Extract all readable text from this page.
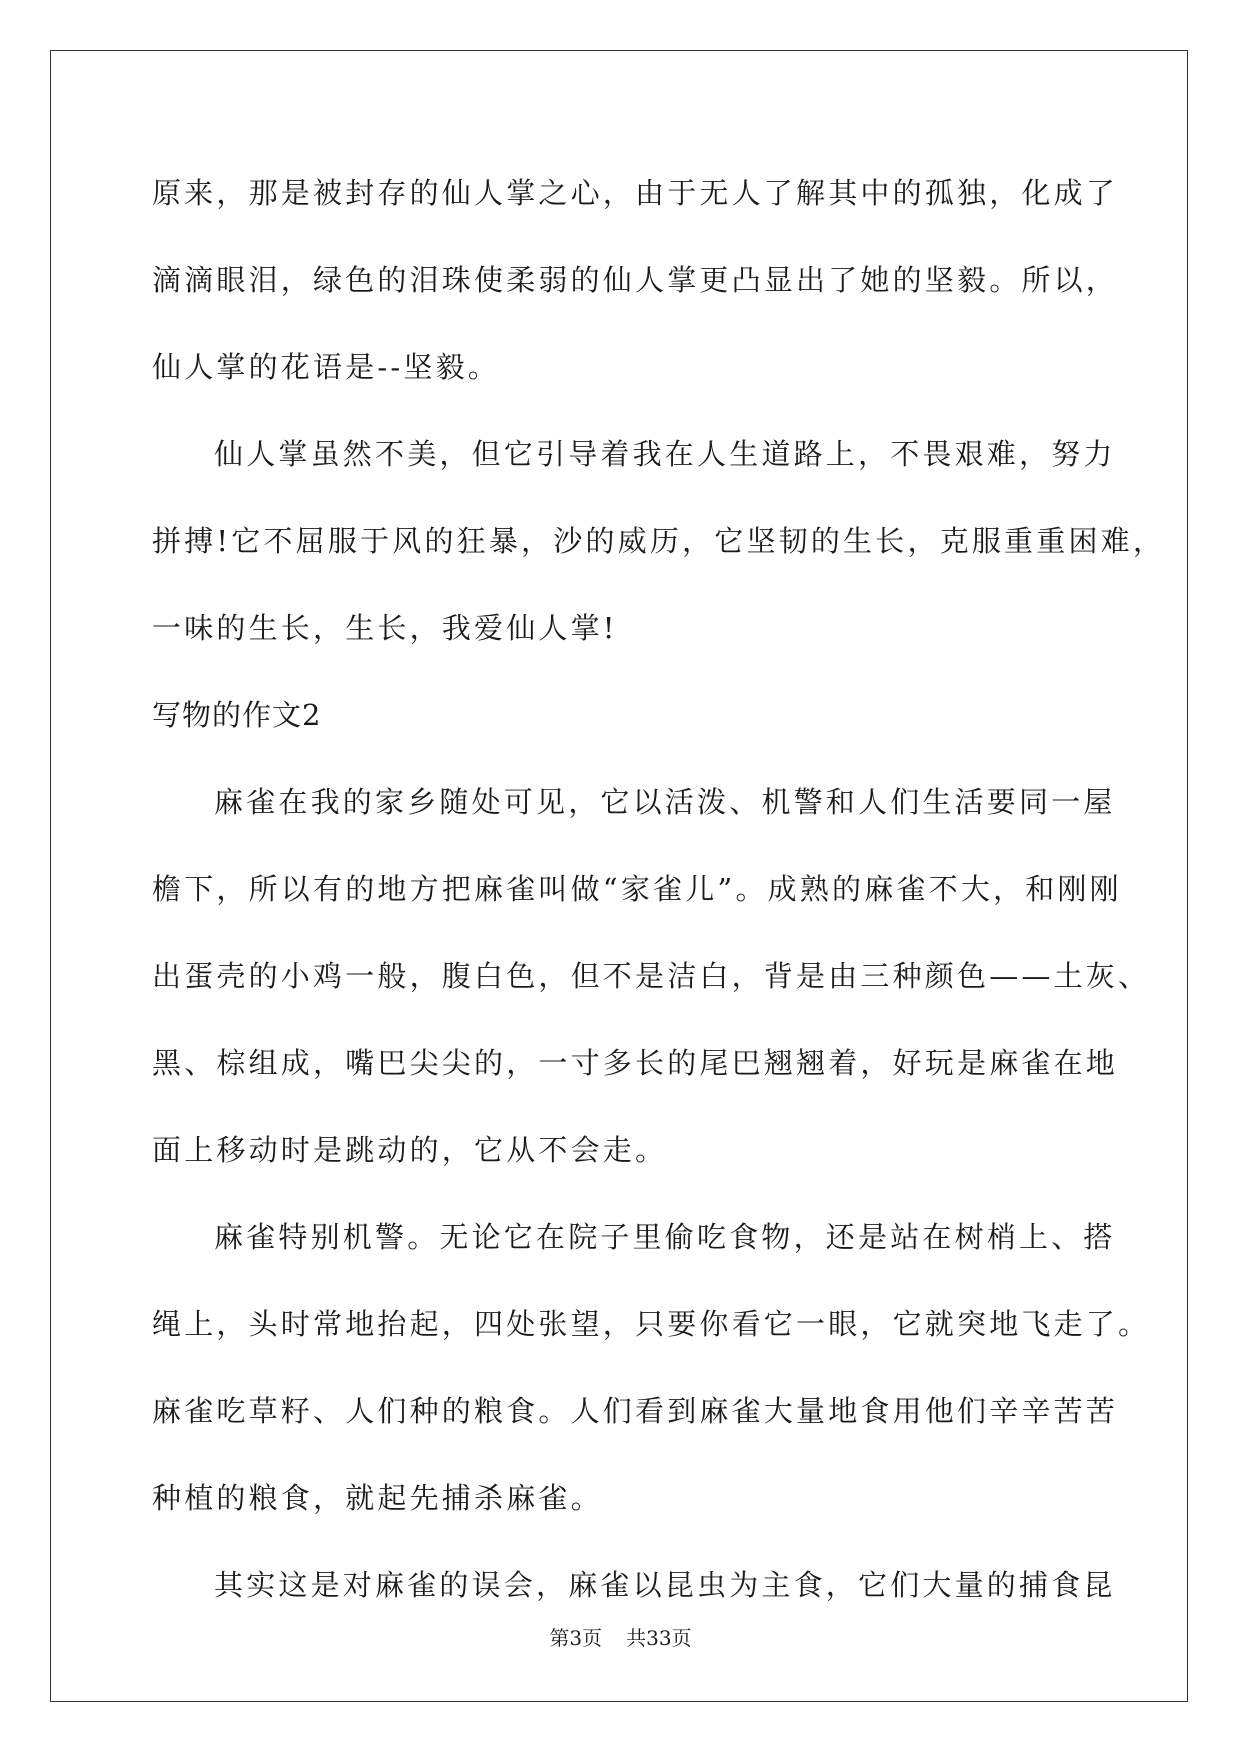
原来，那是被封存的仙人掌之心，由于无人了解其中的孤独，化成了
滴滴眼泪，绿色的泪珠使柔弱的仙人掌更凸显出了她的坚毅。所以，
仙人掌的花语是--坚毅。
仙人掌虽然不美，但它引导着我在人生道路上，不畏艰难，努力
拼搏!它不屈服于风的狂暴，沙的威历，它坚韧的生长，克服重重困难，
一味的生长，生长，我爱仙人掌!
写物的作文2
麻雀在我的家乡随处可见，它以活泼、机警和人们生活要同一屋
檐下，所以有的地方把麻雀叫做“家雀儿”。成熟的麻雀不大，和刚刚
出蛋壳的小鸡一般，腹白色，但不是洁白，背是由三种颜色——土灰、
黑、棕组成，嘴巴尖尖的，一寸多长的尾巴翘翘着，好玩是麻雀在地
面上移动时是跳动的，它从不会走。
麻雀特别机警。无论它在院子里偷吃食物，还是站在树梢上、搭
绳上，头时常地抬起，四处张望，只要你看它一眼，它就突地飞走了。
麻雀吃草籽、人们种的粮食。人们看到麻雀大量地食用他们辛辛苦苦
种植的粮食，就起先捕杀麻雀。
其实这是对麻雀的误会，麻雀以昆虫为主食，它们大量的捕食昆
第3页 共33页
